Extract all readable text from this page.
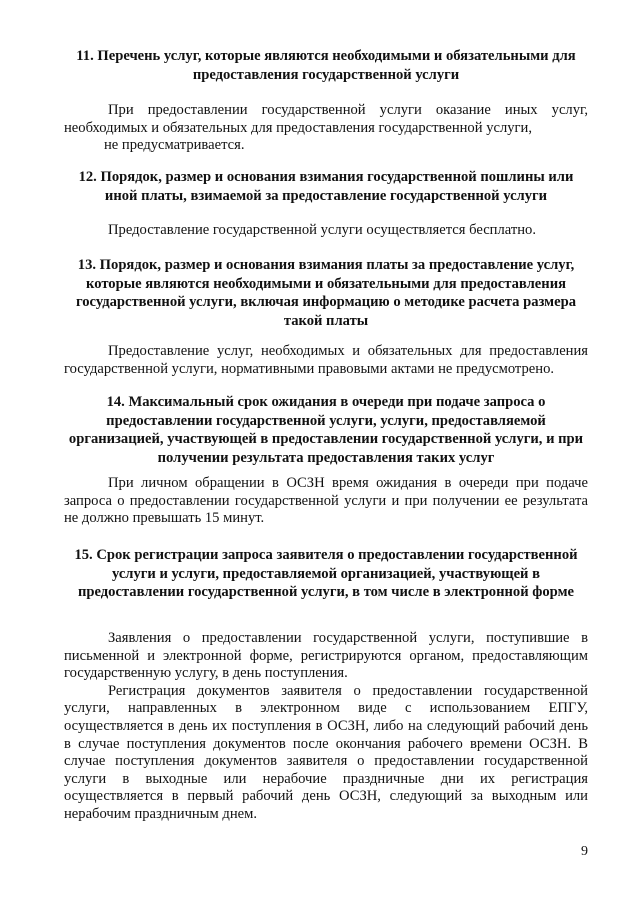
11. Перечень услуг, которые являются необходимыми и обязательными для предоставления государственной услуги

При предоставлении государственной услуги оказание иных услуг, необходимых и обязательных для предоставления государственной услуги,

не предусматривается.

12. Порядок, размер и основания взимания государственной пошлины или иной платы, взимаемой за предоставление государственной услуги

Предоставление государственной услуги осуществляется бесплатно.

13. Порядок, размер и основания взимания платы за предоставление услуг, которые являются необходимыми и обязательными для предоставления государственной услуги, включая информацию о методике расчета размера такой платы

Предоставление услуг, необходимых и обязательных для предоставления государственной услуги, нормативными правовыми актами не предусмотрено.

14. Максимальный срок ожидания в очереди при подаче запроса о предоставлении государственной услуги, услуги, предоставляемой организацией, участвующей в предоставлении государственной услуги, и при получении результата предоставления таких услуг

При личном обращении в ОСЗН время ожидания в очереди при подаче запроса о предоставлении государственной услуги и при получении ее результата не должно превышать 15 минут.

15. Срок регистрации запроса заявителя о предоставлении государственной услуги и услуги, предоставляемой организацией, участвующей в предоставлении государственной услуги, в том числе в электронной форме

Заявления о предоставлении государственной услуги, поступившие в письменной и электронной форме, регистрируются органом, предоставляющим государственную услугу, в день поступления.

Регистрация документов заявителя о предоставлении государственной услуги, направленных в электронном виде с использованием ЕПГУ, осуществляется в день их поступления в ОСЗН, либо на следующий рабочий день в случае поступления документов после окончания рабочего времени ОСЗН. В случае поступления документов заявителя о предоставлении государственной услуги в выходные или нерабочие праздничные дни их регистрация осуществляется в первый рабочий день ОСЗН, следующий за выходным или нерабочим праздничным днем.

9
